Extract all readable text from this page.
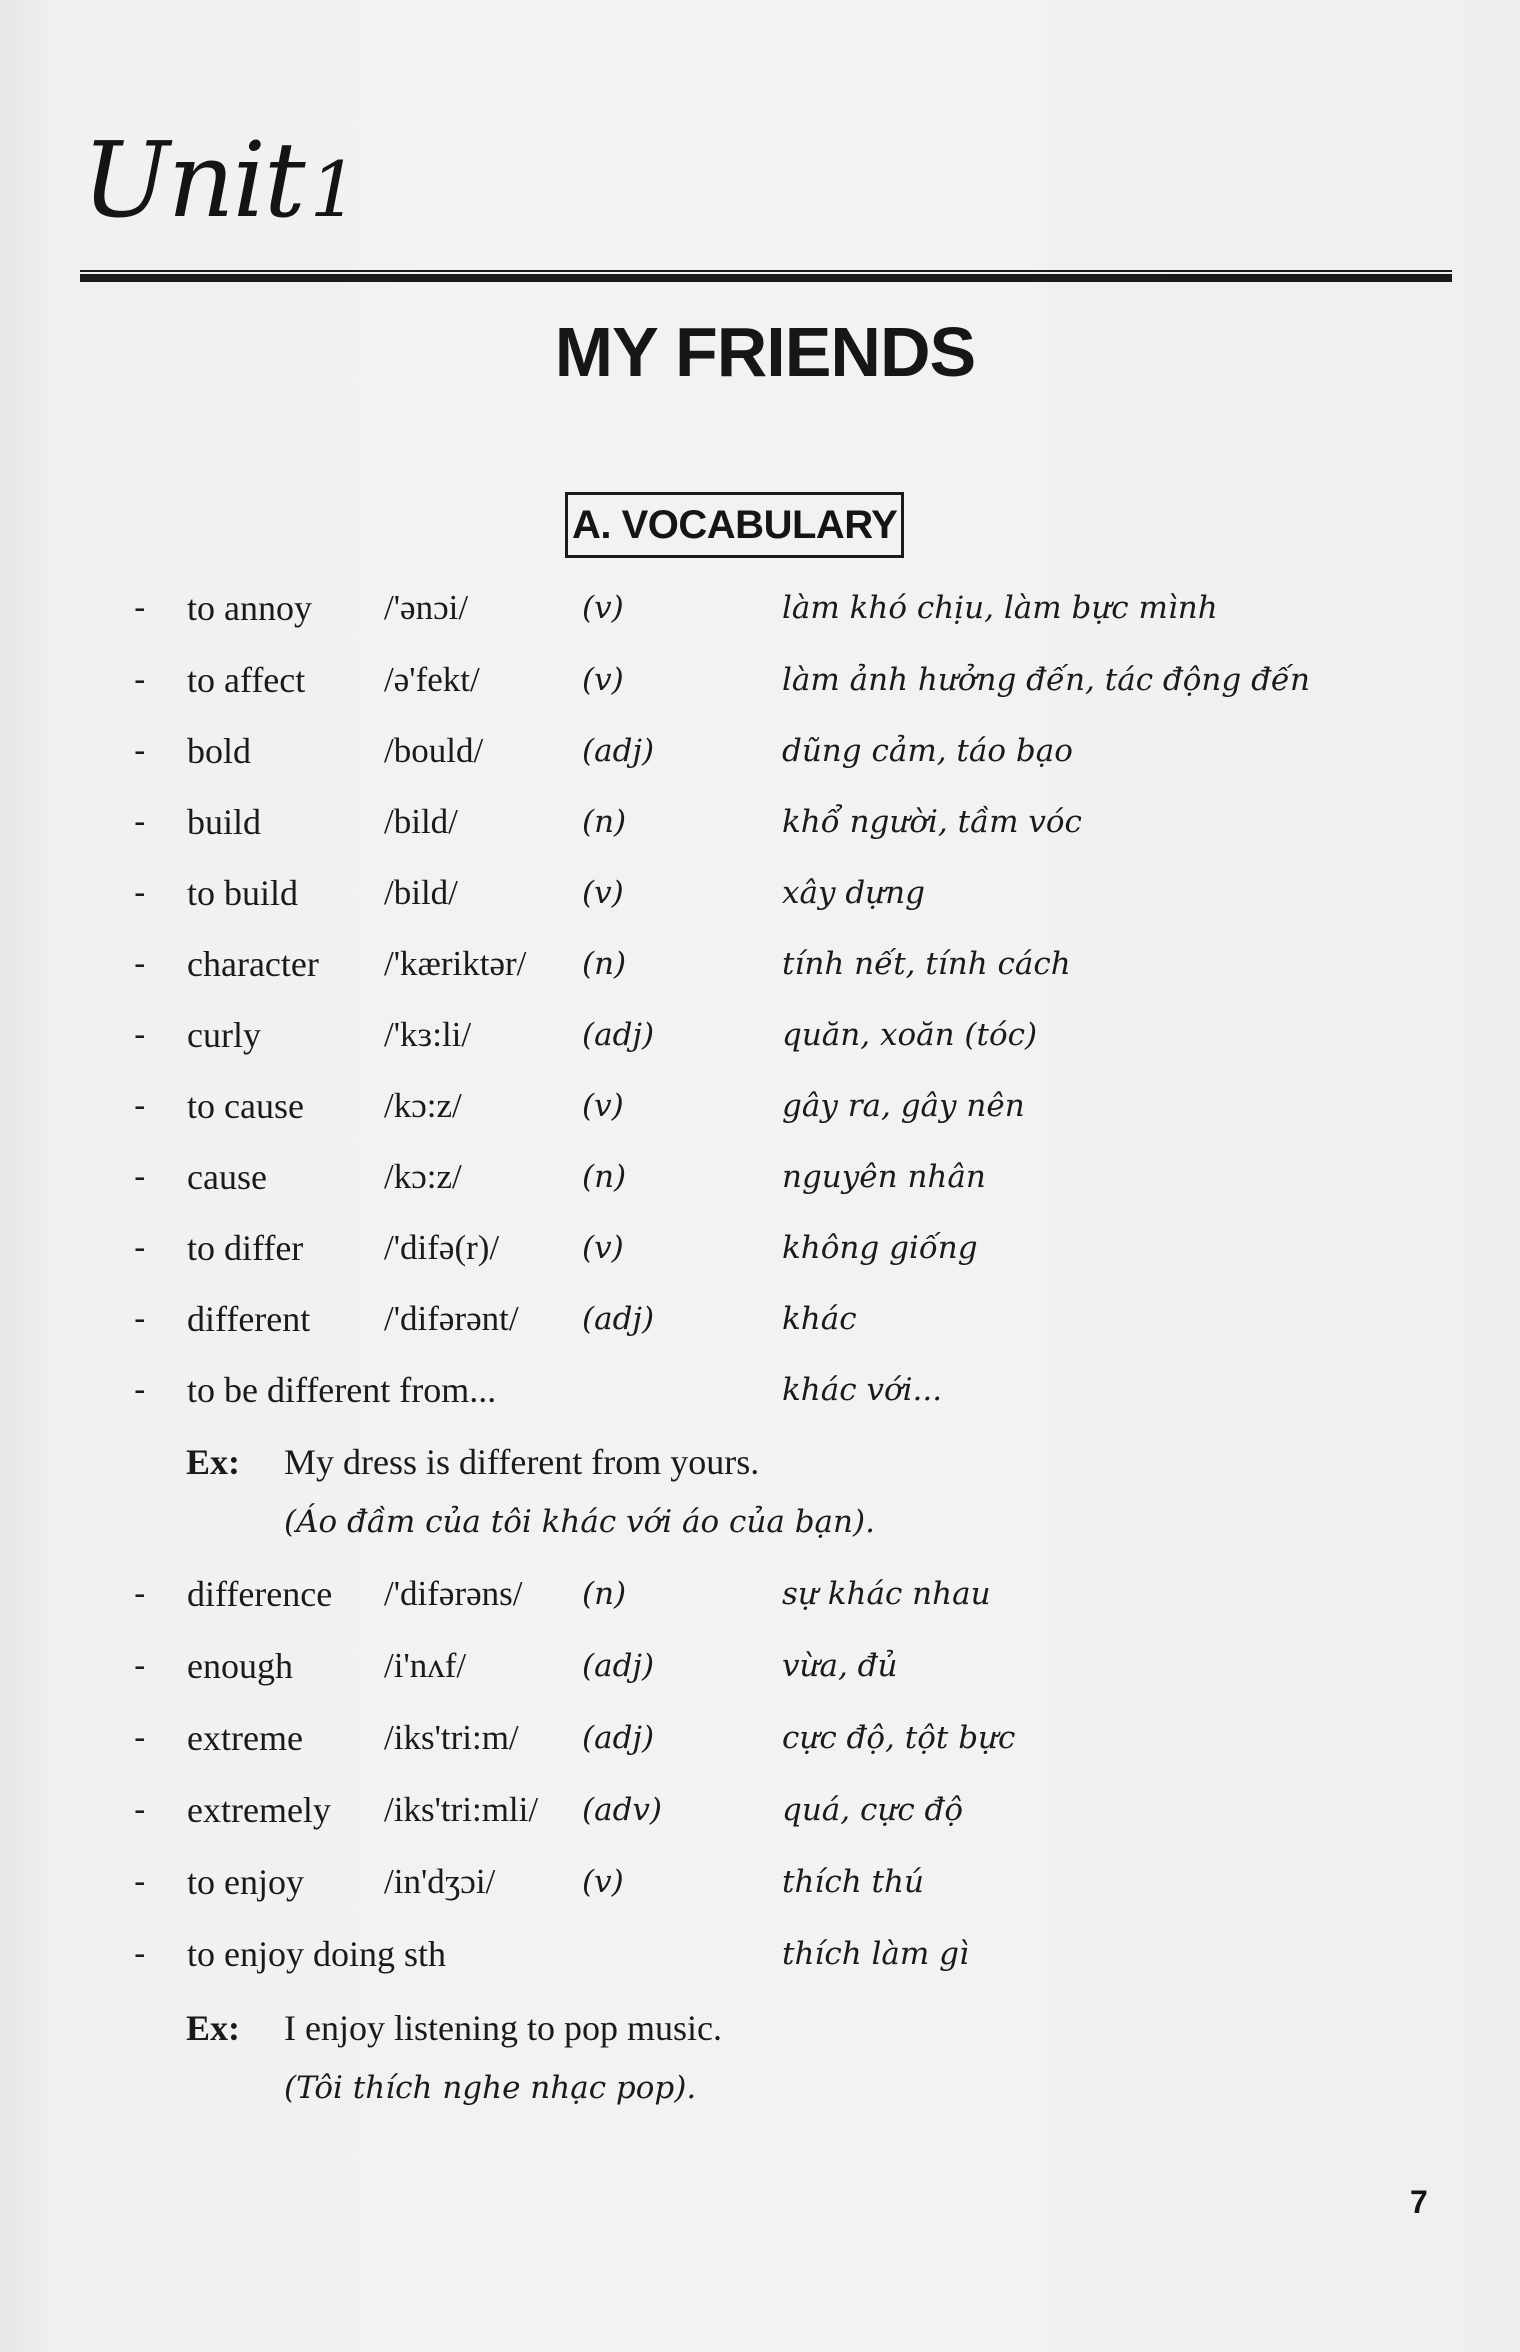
Unit1
MY FRIENDS
A. VOCABULARY
- to annoy /'ənɔi/	(v)	làm khó chịu, làm bực mình
- to affect /ə'fekt/	(v)	làm ảnh hưởng đến, tác động đến
- bold	/bould/	(adj)	dũng cảm, táo bạo
- build	/bild/	(n)	khổ người, tầm vóc
- to build /bild/	(v)	xây dựng
- character /'kæriktər/ (n)	tính nết, tính cách
- curly	/'kɜ:li/	(adj)	quăn, xoăn (tóc)
- to cause /kɔ:z/	(v)	gây ra, gây nên
- cause	/kɔ:z/	(n)	nguyên nhân
- to differ /'difə(r)/	(v)	không giống
- different /'difərənt/ (adj)	khác
- to be different from...	khác với...
Ex: My dress is different from yours.
(Áo đầm của tôi khác với áo của bạn).
- difference /'difərəns/ (n)	sự khác nhau
- enough	/i'nʌf/	(adj)	vừa, đủ
- extreme /iks'tri:m/ (adj)	cực độ, tột bực
- extremely /iks'tri:mli/ (adv)	quá, cực độ
- to enjoy /in'dʒɔi/	(v)	thích thú
- to enjoy doing sth	thích làm gì
Ex: I enjoy listening to pop music.
(Tôi thích nghe nhạc pop).
7
